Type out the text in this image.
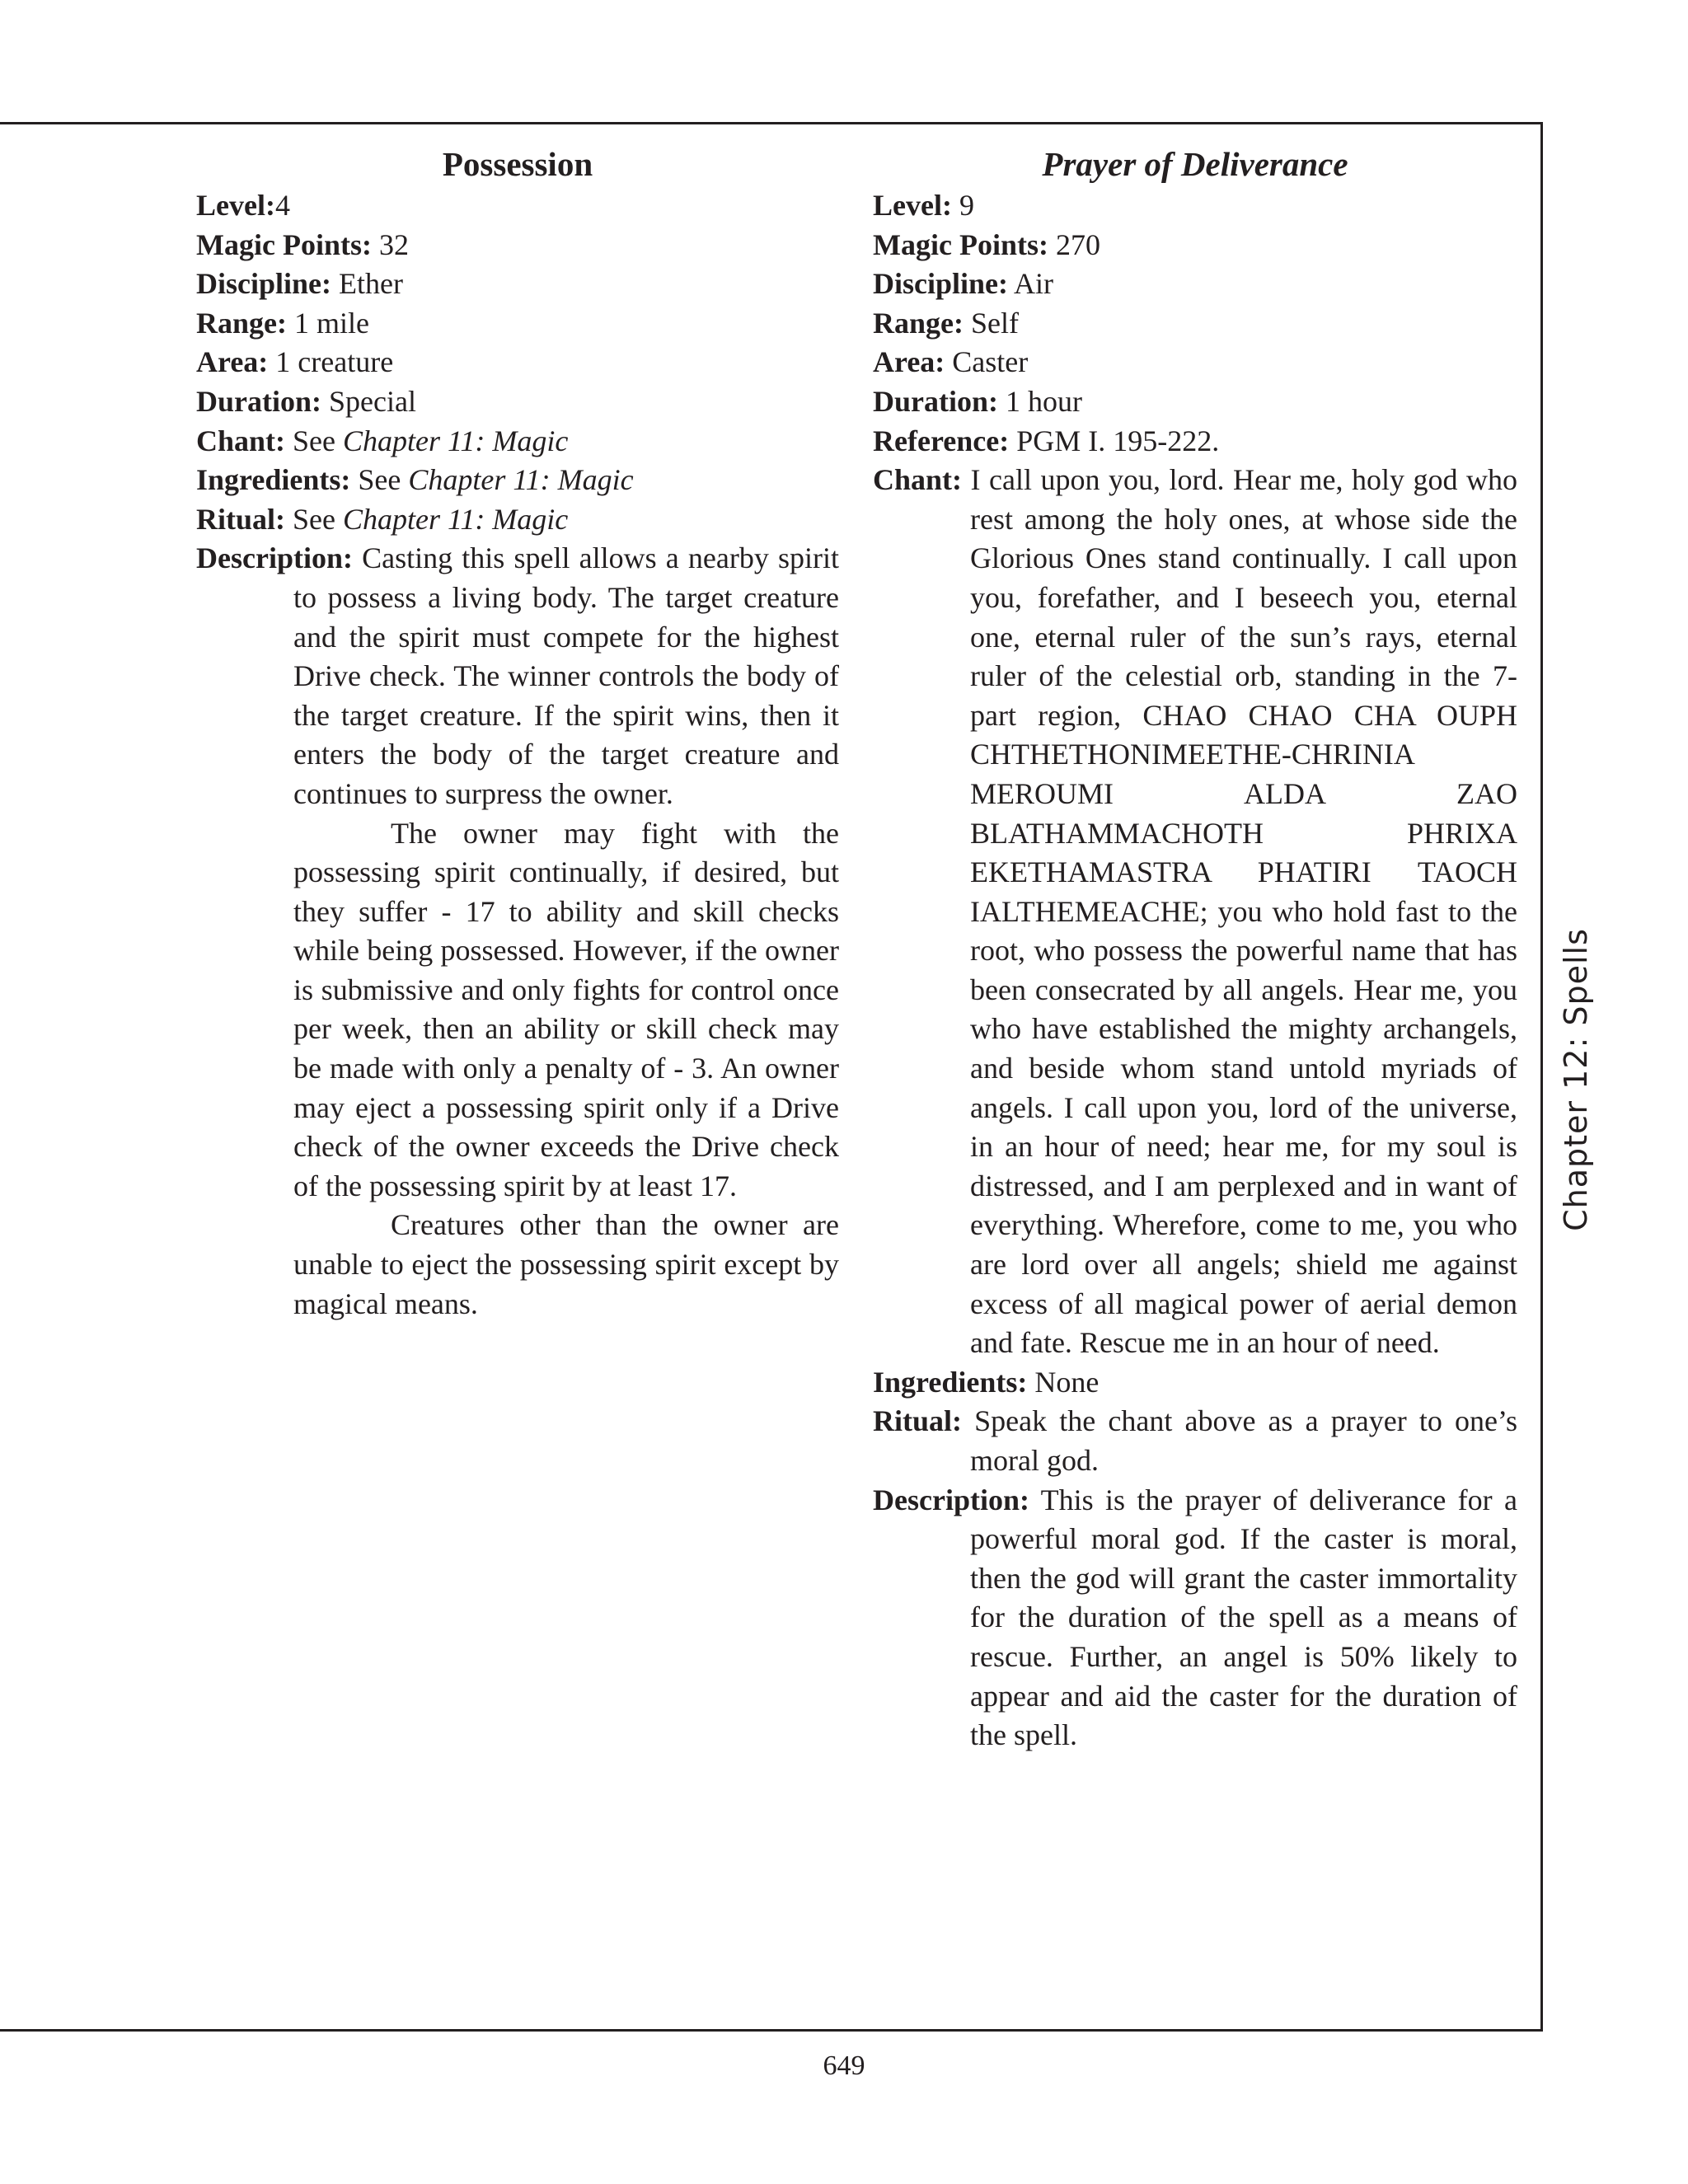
Possession

Level:4

Magic Points: 32

Discipline: Ether

Range: 1 mile

Area: 1 creature

Duration: Special

Chant: See Chapter 11: Magic

Ingredients: See Chapter 11: Magic

Ritual: See Chapter 11: Magic

Description: Casting this spell allows a nearby spirit to possess a living body. The target creature and the spirit must compete for the highest Drive check. The winner controls the body of the target creature. If the spirit wins, then it enters the body of the target creature and continues to surpress the owner.

The owner may fight with the possessing spirit continually, if desired, but they suffer - 17 to ability and skill checks while being possessed. However, if the owner is submissive and only fights for control once per week, then an ability or skill check may be made with only a penalty of - 3. An owner may eject a possessing spirit only if a Drive check of the owner exceeds the Drive check of the possessing spirit by at least 17.

Creatures other than the owner are unable to eject the possessing spirit except by magical means.

Prayer of Deliverance

Level: 9

Magic Points: 270

Discipline: Air

Range: Self

Area: Caster

Duration: 1 hour

Reference: PGM I. 195-222.

Chant: I call upon you, lord. Hear me, holy god who rest among the holy ones, at whose side the Glorious Ones stand continually. I call upon you, forefather, and I beseech you, eternal one, eternal ruler of the sun’s rays, eternal ruler of the celestial orb, standing in the 7-part region, CHAO CHAO CHA OUPH CHTHETHONIMEETHE-CHRINIA MEROUMI ALDA ZAO BLATHAMMACHOTH PHRIXA EKETHAMASTRA PHATIRI TAOCH IALTHEMEACHE; you who hold fast to the root, who possess the powerful name that has been consecrated by all angels. Hear me, you who have established the mighty archangels, and beside whom stand untold myriads of angels. I call upon you, lord of the universe, in an hour of need; hear me, for my soul is distressed, and I am perplexed and in want of everything. Wherefore, come to me, you who are lord over all angels; shield me against excess of all magical power of aerial demon and fate. Rescue me in an hour of need.

Ingredients: None

Ritual: Speak the chant above as a prayer to one’s moral god.

Description: This is the prayer of deliverance for a powerful moral god. If the caster is moral, then the god will grant the caster immortality for the duration of the spell as a means of rescue. Further, an angel is 50% likely to appear and aid the caster for the duration of the spell.

Chapter 12: Spells
649
